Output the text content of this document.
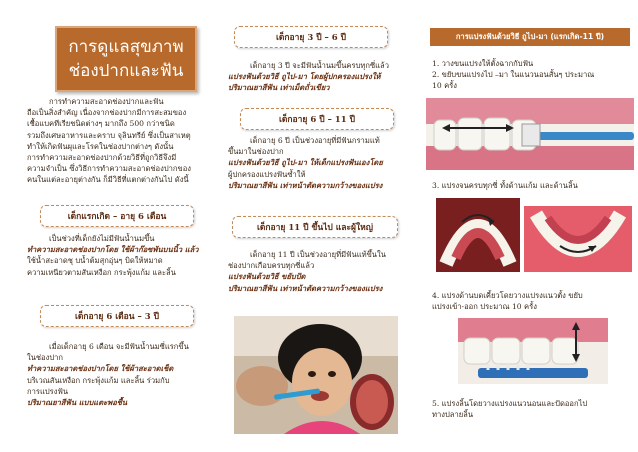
การดูแลสุขภาพ
ช่องปากและฟัน
การทำความสะอาดช่องปากและฟัน
ถือเป็นสิ่งสำคัญ เนื่องจากช่องปากมีการสะสมของ
เชื้อแบคทีเรียชนิดต่างๆ มากถึง 500 กว่าชนิด
รวมถึงเศษอาหารและคราบ จุลินทรีย์ ซึ่งเป็นสาเหตุ
ทำให้เกิดฟันผุและโรคในช่องปากต่างๆ ดังนั้น
การทำความสะอาดช่องปากด้วยวิธีที่ถูกวิธีจึงมี
ความจำเป็น ซึ่งวิธีการทำความสะอาดช่องปากของ
คนในแต่ละอายุต่างกัน ก็มีวิธีที่แตกต่างกันไป ดังนี้
เด็กแรกเกิด – อายุ 6 เดือน
เป็นช่วงที่เด็กยังไม่มีฟันน้ำนมขึ้น
ทำความสะอาดช่องปากโดย ใช้ผ้าก๊อซพันบนนิ้ว แล้ว
ใช้น้ำสะอาดชุ บน้ำต้มสุกอุ่นๆ บิดให้หมาด
ความเหนียวตามสันเหงือก กระพุ้งแก้ม และลิ้น
เด็กอายุ 6 เดือน – 3 ปี
เมื่อเด็กอายุ 6 เดือน จะมีฟันน้ำนมซี่แรกขึ้น
ในช่องปาก
ทำความสะอาดช่องปากโดย ใช้ผ้าสะอาดเช็ด
บริเวณสันเหงือก กระพุ้งแก้ม และลิ้น ร่วมกับ
การแปรงฟัน
ปริมาณยาสีฟัน แบบแตะพอชื้น
เด็กอายุ 3 ปี – 6 ปี
เด็กอายุ 3 ปี จะมีฟันน้ำนมขึ้นครบทุกซี่แล้ว
แปรงฟันด้วยวิธี ถูไป-มา โดยผู้ปกครองแปรงให้
ปริมาณยาสีฟัน เท่าเม็ดถั่วเขียว
เด็กอายุ 6 ปี – 11 ปี
เด็กอายุ 6 ปี เป็นช่วงอายุที่มีฟันกรามแท้
ขึ้นมาในช่องปาก
แปรงฟันด้วยวิธี ถูไป-มา ให้เด็กแปรงฟันเองโดย
ผู้ปกครองแปรงฟันซ้ำให้
ปริมาณยาสีฟัน เท่าหน้าตัดความกว้างของแปรง
เด็กอายุ 11 ปี ขึ้นไป และผู้ใหญ่
เด็กอายุ 11 ปี เป็นช่วงอายุที่มีฟันแท้ขึ้นใน
ช่องปากเกือบครบทุกซี่แล้ว
แปรงฟันด้วยวิธี ขยับปัด
ปริมาณยาสีฟัน เท่าหน้าตัดความกว้างของแปรง
การแปรงฟันด้วยวิธี ถูไป-มา (แรกเกิด-11 ปี)
1. วางขนแปรงให้ตั้งฉากกับฟัน
2. ขยับขนแปรงไป –มา ในแนวนอนสั้นๆ ประมาณ
10 ครั้ง
3. แปรงจนครบทุกซี่ ทั้งด้านแก้ม และด้านลิ้น
4. แปรงด้านบดเคี้ยวโดยวางแปรงแนวตั้ง ขยับ
แปรงเข้า-ออก ประมาณ 10 ครั้ง
5. แปรงลิ้นโดยวางแปรงแนวนอนและปัดออกไป
ทางปลายลิ้น
